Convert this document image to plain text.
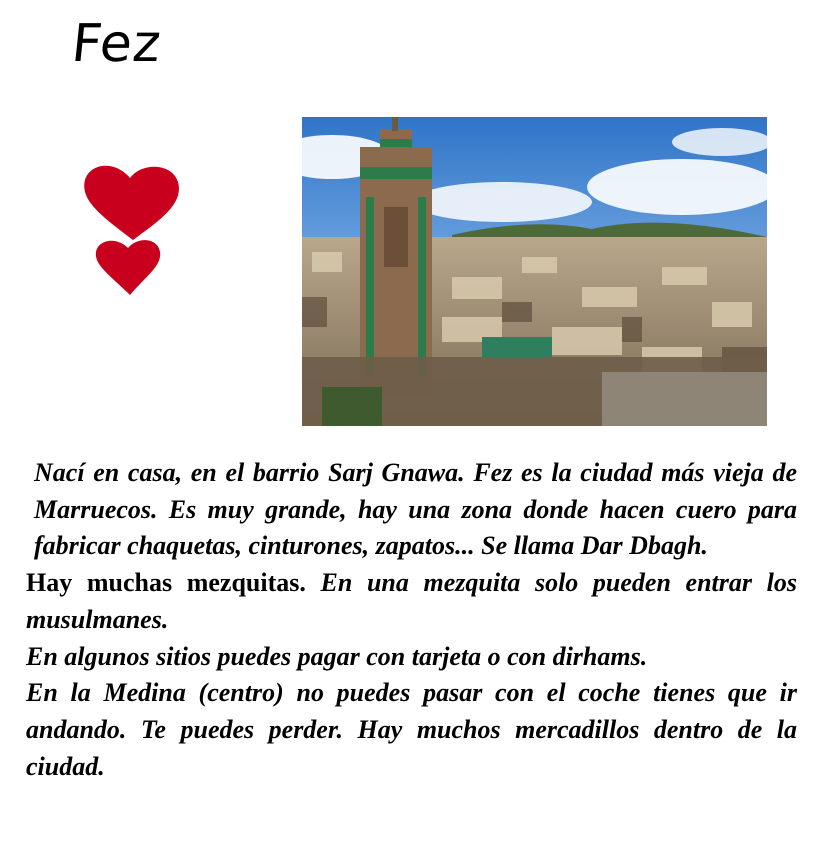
Fez

Nací en casa, en el barrio Sarj Gnawa. Fez es la ciudad más vieja de Marruecos. Es muy grande, hay una zona donde hacen cuero para fabricar chaquetas, cinturones, zapatos... Se llama Dar Dbagh.

Hay muchas mezquitas. En una mezquita solo pueden entrar los musulmanes.

En algunos sitios puedes pagar con tarjeta o con dirhams.

En la Medina (centro) no puedes pasar con el coche tienes que ir andando. Te puedes perder. Hay muchos mercadillos dentro de la ciudad.
